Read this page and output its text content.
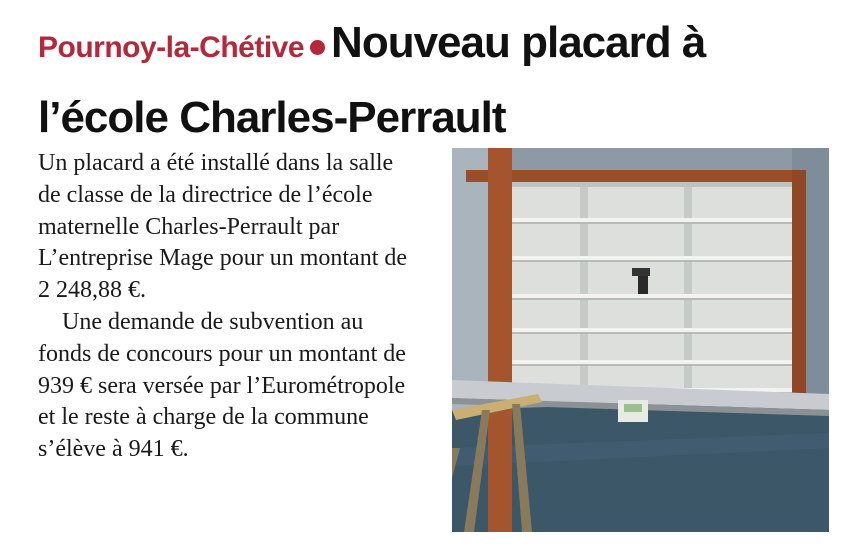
Pournoy-la-Chétive Nouveau placard à l’école Charles-Perrault

Un placard a été installé dans la salle de classe de la directrice de l’école maternelle Charles-Perrault par L’entreprise Mage pour un montant de 2 248,88 €.

Une demande de subvention au fonds de concours pour un montant de 939 € sera versée par l’Eurométropole et le reste à charge de la commune s’élève à 941 €.
